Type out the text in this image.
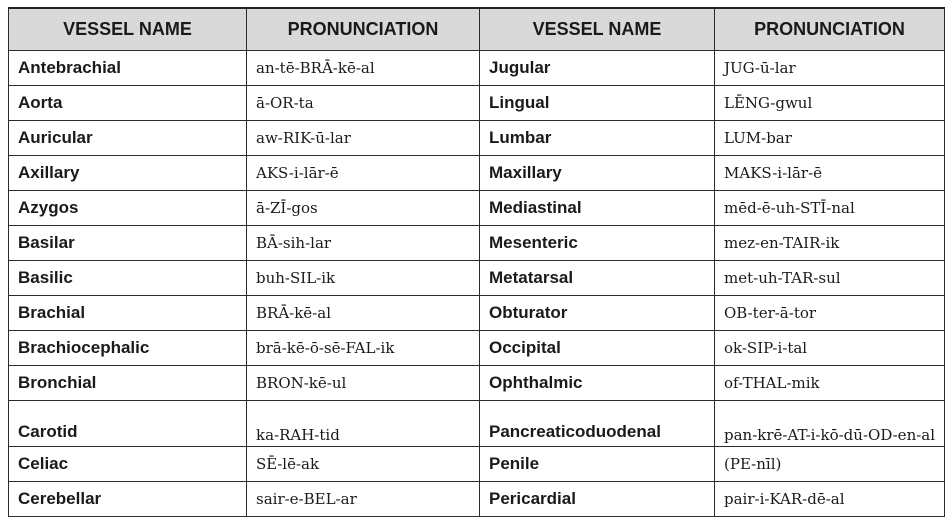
VESSEL NAME	PRONUNCIATION	VESSEL NAME	PRONUNCIATION
Antebrachial	an-tē-BRĀ-kē-al	Jugular	JUG-ū-lar
Aorta	ā-OR-ta	Lingual	LĒNG-gwul
Auricular	aw-RIK-ū-lar	Lumbar	LUM-bar
Axillary	AKS-i-lār-ē	Maxillary	MAKS-i-lār-ē
Azygos	ā-ZĪ-gos	Mediastinal	mēd-ē-uh-STĪ-nal
Basilar	BĀ-sih-lar	Mesenteric	mez-en-TAIR-ik
Basilic	buh-SIL-ik	Metatarsal	met-uh-TAR-sul
Brachial	BRĀ-kē-al	Obturator	OB-ter-ā-tor
Brachiocephalic	brā-kē-ō-sē-FAL-ik	Occipital	ok-SIP-i-tal
Bronchial	BRON-kē-ul	Ophthalmic	of-THAL-mik
Carotid	ka-RAH-tid	Pancreaticoduodenal	pan-krē-AT-i-kō-dū-OD-en-al
Celiac	SĒ-lē-ak	Penile	(PE-nīl)
Cerebellar	sair-e-BEL-ar	Pericardial	pair-i-KAR-dē-al
